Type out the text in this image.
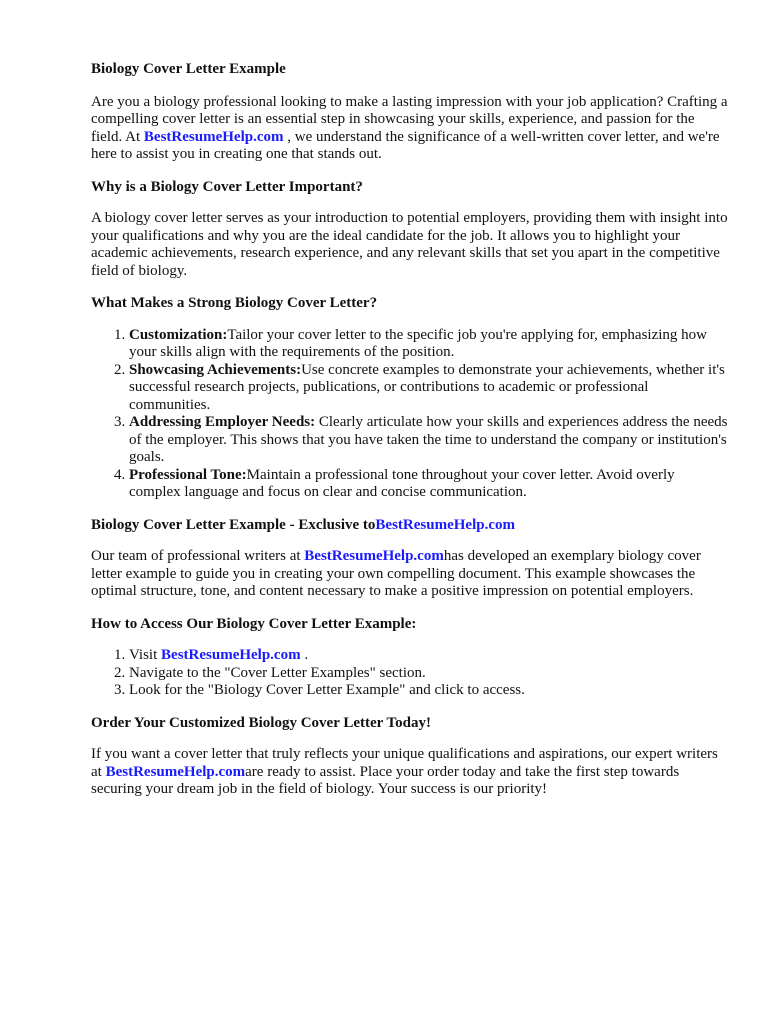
Biology Cover Letter Example

Are you a biology professional looking to make a lasting impression with your job application? Crafting a compelling cover letter is an essential step in showcasing your skills, experience, and passion for the field. At BestResumeHelp.com , we understand the significance of a well-written cover letter, and we're here to assist you in creating one that stands out.

Why is a Biology Cover Letter Important?

A biology cover letter serves as your introduction to potential employers, providing them with insight into your qualifications and why you are the ideal candidate for the job. It allows you to highlight your academic achievements, research experience, and any relevant skills that set you apart in the competitive field of biology.

What Makes a Strong Biology Cover Letter?
1. Customization:Tailor your cover letter to the specific job you're applying for, emphasizing how your skills align with the requirements of the position.
2. Showcasing Achievements:Use concrete examples to demonstrate your achievements, whether it's successful research projects, publications, or contributions to academic or professional communities.
3. Addressing Employer Needs: Clearly articulate how your skills and experiences address the needs of the employer. This shows that you have taken the time to understand the company or institution's goals.
4. Professional Tone:Maintain a professional tone throughout your cover letter. Avoid overly complex language and focus on clear and concise communication.
Biology Cover Letter Example - Exclusive toBestResumeHelp.com

Our team of professional writers at BestResumeHelp.comhas developed an exemplary biology cover letter example to guide you in creating your own compelling document. This example showcases the optimal structure, tone, and content necessary to make a positive impression on potential employers.

How to Access Our Biology Cover Letter Example:
1. Visit BestResumeHelp.com .
2. Navigate to the "Cover Letter Examples" section.
3. Look for the "Biology Cover Letter Example" and click to access.
Order Your Customized Biology Cover Letter Today!

If you want a cover letter that truly reflects your unique qualifications and aspirations, our expert writers at BestResumeHelp.comare ready to assist. Place your order today and take the first step towards securing your dream job in the field of biology. Your success is our priority!
